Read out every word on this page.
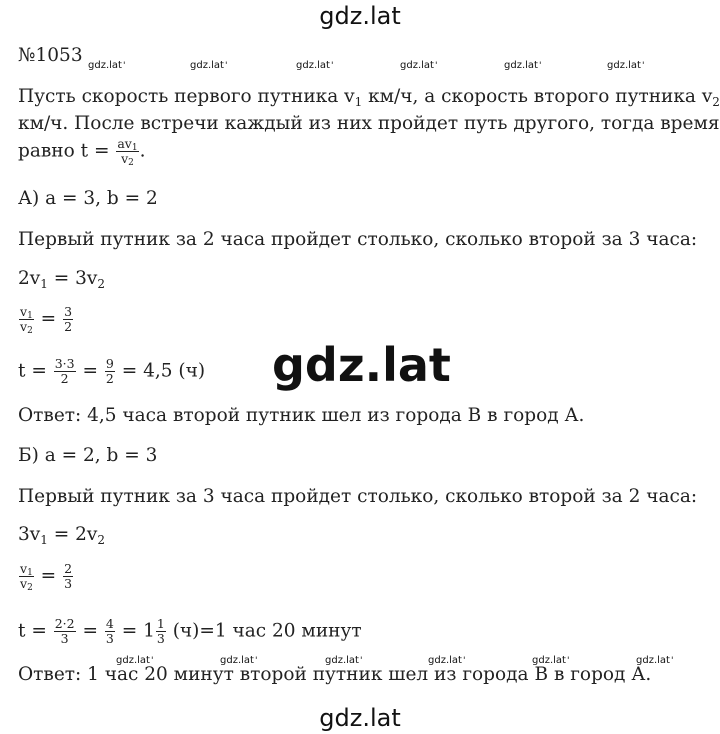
gdz.lat
gdz.lat
gdz.lat
gdz.lat '	gdz.lat '	gdz.lat '	gdz.lat '	gdz.lat '	gdz.lat '
gdz.lat '	gdz.lat '	gdz.lat '	gdz.lat '	gdz.lat '	gdz.lat '
№1053
Пусть скорость первого путника $v_1$ км/ч, а скорость второго путника $v_2$
км/ч. После встречи каждый из них пройдет путь другого, тогда время
равно $t = \frac{av_1}{v_2}$ .
А) a = 3, b = 2
Первый путник за 2 часа пройдет столько, сколько второй за 3 часа:
$2v_1 = 3v_2$
$\frac{v_1}{v_2} = \frac{3}{2}$
$t = \frac{3\cdot 3}{2} = \frac{9}{2} = 4,5$ (ч)
Ответ: 4,5 часа второй путник шел из города В в город А.
Б) a = 2, b = 3
Первый путник за 3 часа пройдет столько, сколько второй за 2 часа:
$3v_1 = 2v_2$
$\frac{v_1}{v_2} = \frac{2}{3}$
$t = \frac{2\cdot 2}{3} = \frac{4}{3} = 1 \frac{1}{3} (ч)=1$ час 20 минут
Ответ: 1 час 20 минут второй путник шел из города В в город А.
